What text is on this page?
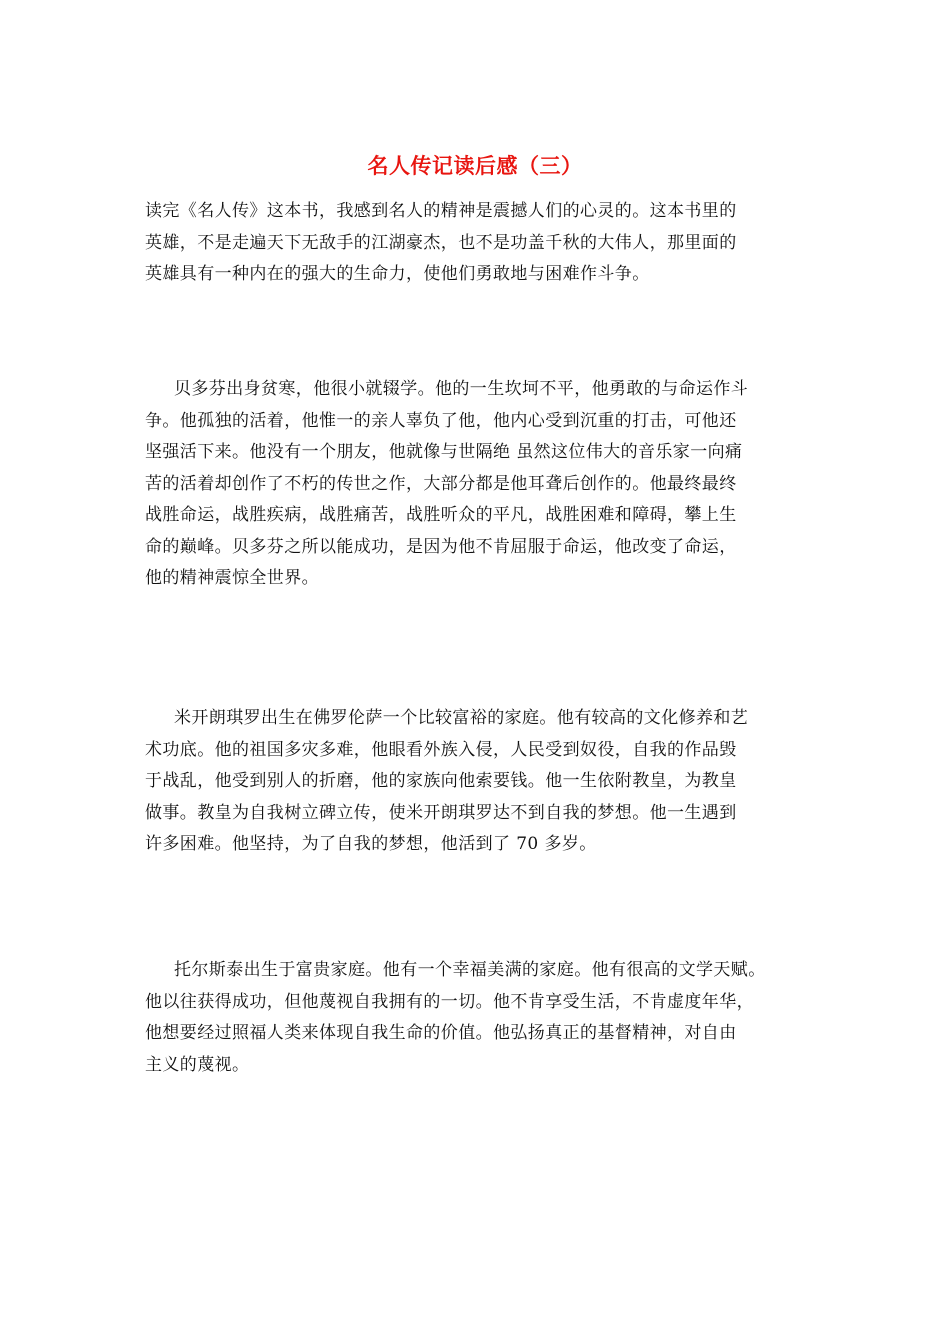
名人传记读后感（三）
读完《名人传》这本书，我感到名人的精神是震撼人们的心灵的。这本书里的
英雄，不是走遍天下无敌手的江湖豪杰，也不是功盖千秋的大伟人，那里面的
英雄具有一种内在的强大的生命力，使他们勇敢地与困难作斗争。
贝多芬出身贫寒，他很小就辍学。他的一生坎坷不平，他勇敢的与命运作斗
争。他孤独的活着，他惟一的亲人辜负了他，他内心受到沉重的打击，可他还
坚强活下来。他没有一个朋友，他就像与世隔绝 虽然这位伟大的音乐家一向痛
苦的活着却创作了不朽的传世之作，大部分都是他耳聋后创作的。他最终最终
战胜命运，战胜疾病，战胜痛苦，战胜听众的平凡，战胜困难和障碍，攀上生
命的巅峰。贝多芬之所以能成功，是因为他不肯屈服于命运，他改变了命运，
他的精神震惊全世界。
米开朗琪罗出生在佛罗伦萨一个比较富裕的家庭。他有较高的文化修养和艺
术功底。他的祖国多灾多难，他眼看外族入侵，人民受到奴役，自我的作品毁
于战乱，他受到别人的折磨，他的家族向他索要钱。他一生依附教皇，为教皇
做事。教皇为自我树立碑立传，使米开朗琪罗达不到自我的梦想。他一生遇到
许多困难。他坚持，为了自我的梦想，他活到了 70 多岁。
托尔斯泰出生于富贵家庭。他有一个幸福美满的家庭。他有很高的文学天赋。
他以往获得成功，但他蔑视自我拥有的一切。他不肯享受生活，不肯虚度年华，
他想要经过照福人类来体现自我生命的价值。他弘扬真正的基督精神，对自由
主义的蔑视。
